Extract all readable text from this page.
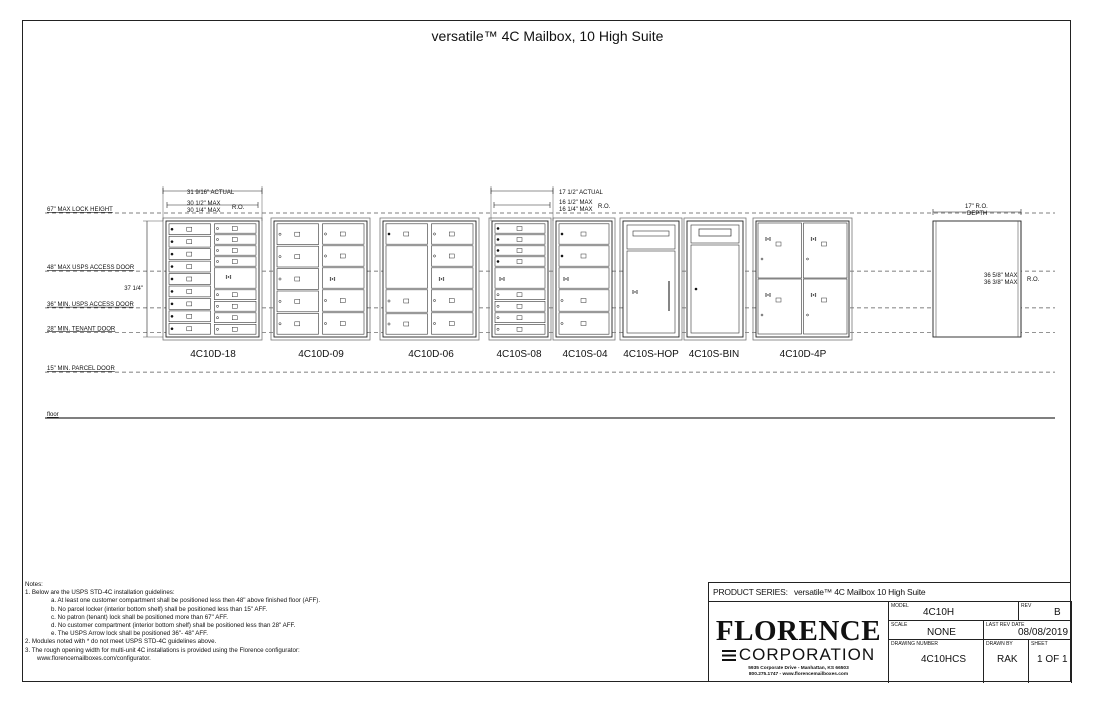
versatile™ 4C Mailbox, 10 High Suite
67" MAX LOCK HEIGHT
48" MAX USPS ACCESS DOOR
36" MIN. USPS ACCESS DOOR
28" MIN. TENANT DOOR
15" MIN. PARCEL DOOR
floor
4C10D-18	4C10D-09	4C10D-06	4C10S-08 4C10S-04 4C10S-HOP 4C10S-BIN	4C10D-4P
31 9/16" ACTUAL
30 1/2" MAX
30 1/4" MAX R.O.
17 1/2" ACTUAL
16 1/2" MAX
16 1/4" MAX R.O.
37 1/4"
17" R.O.
DEPTH
36 5/8" MAX
36 3/8" MAX R.O.
Notes:
1. Below are the USPS STD-4C installation guidelines:
a. At least one customer compartment shall be positioned less then 48" above finished floor (AFF).
b. No parcel locker (interior bottom shelf) shall be positioned less than 15" AFF.
c. No patron (tenant) lock shall be positioned more than 67" AFF.
d. No customer compartment (interior bottom shelf) shall be positioned less than 28" AFF.
e. The USPS Arrow lock shall be positioned 36"- 48" AFF.
2. Modules noted with * do not meet USPS STD-4C guidelines above.
3. The rough opening width for multi-unit 4C installations is provided using the Florence configurator:
www.florencemailboxes.com/configurator.
PRODUCT SERIES: versatile™ 4C Mailbox 10 High Suite
FLORENCE
CORPORATION
5935 Corporate Drive - Manhattan, KS 66503
800.275.1747 - www.florencemailboxes.com
MODEL
4C10H
REV
B
SCALE
NONE
LAST REV DATE
08/08/2019
DRAWING NUMBER
4C10HCS
DRAWN BY
RAK
SHEET
1 OF 1
